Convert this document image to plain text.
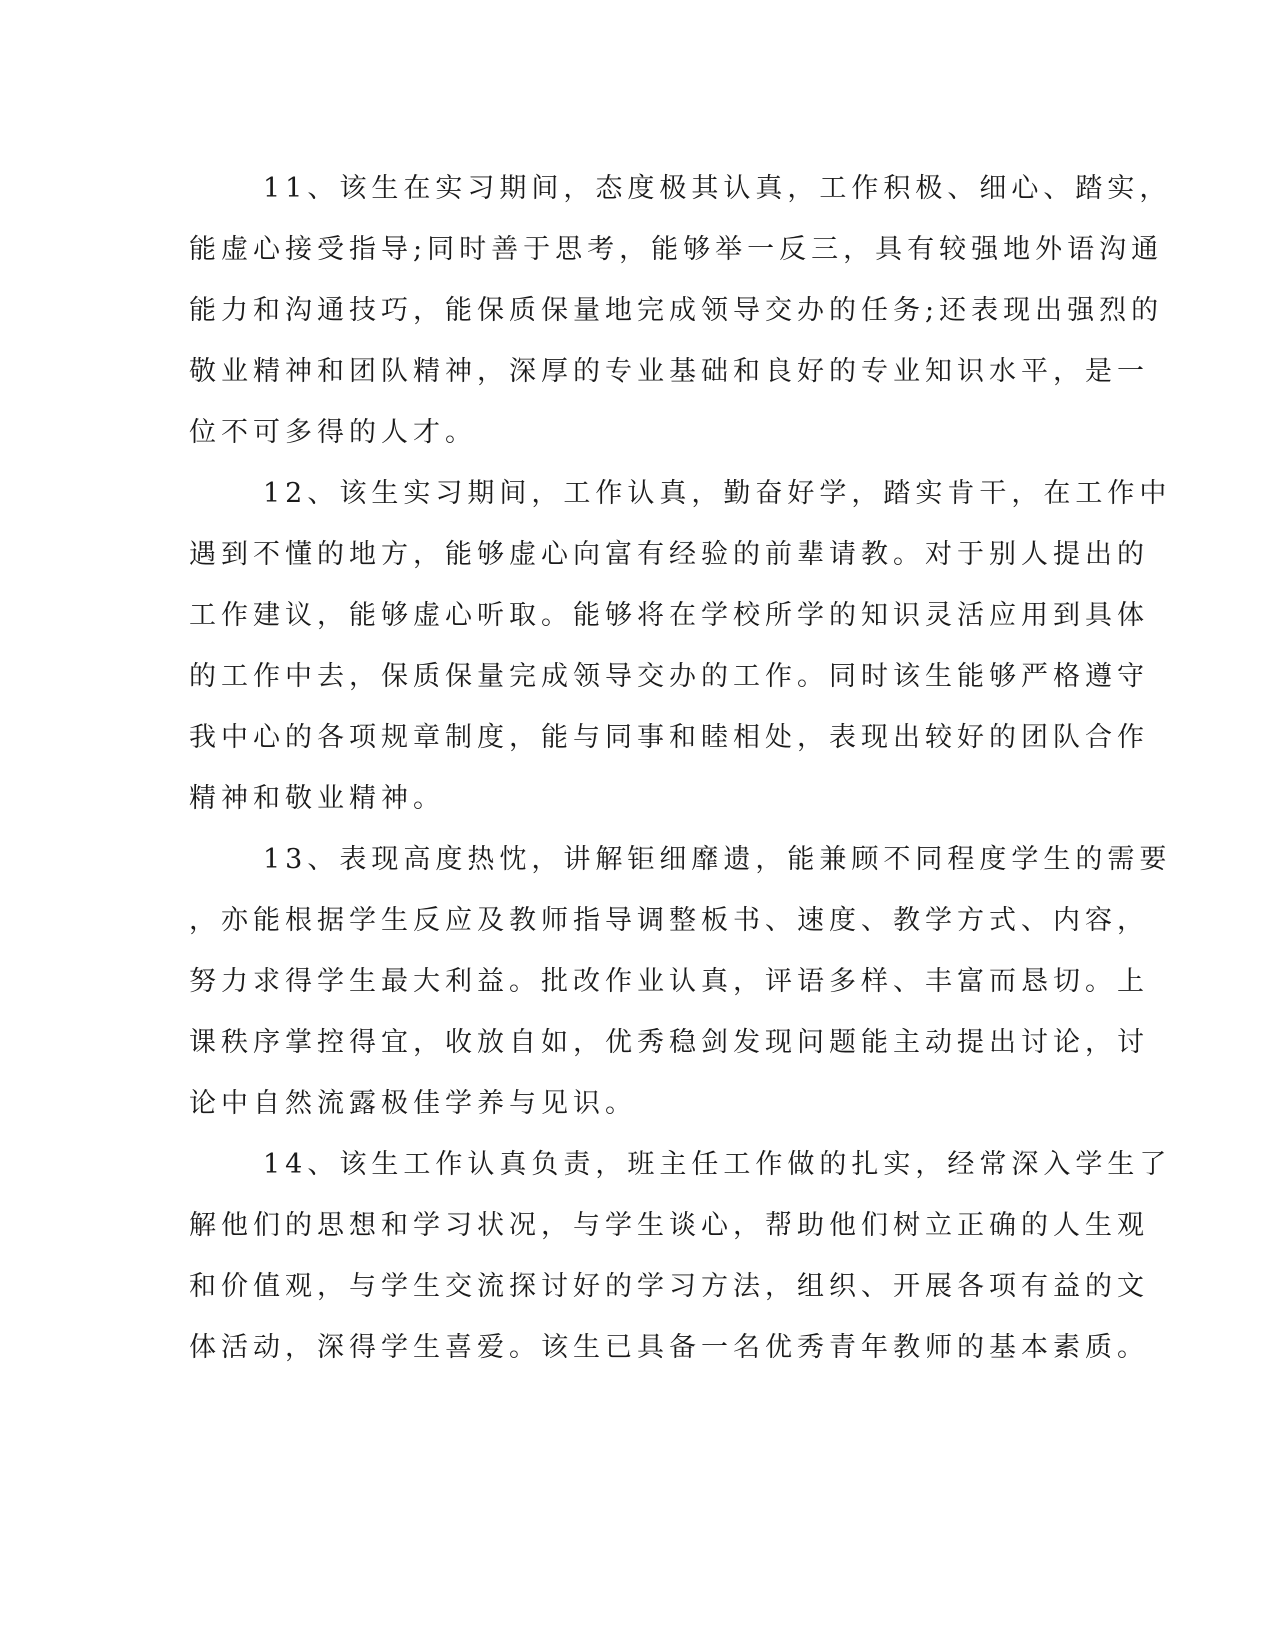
11、该生在实习期间，态度极其认真，工作积极、细心、踏实，
能虚心接受指导;同时善于思考，能够举一反三，具有较强地外语沟通
能力和沟通技巧，能保质保量地完成领导交办的任务;还表现出强烈的
敬业精神和团队精神，深厚的专业基础和良好的专业知识水平，是一
位不可多得的人才。
12、该生实习期间，工作认真，勤奋好学，踏实肯干，在工作中
遇到不懂的地方，能够虚心向富有经验的前辈请教。对于别人提出的
工作建议，能够虚心听取。能够将在学校所学的知识灵活应用到具体
的工作中去，保质保量完成领导交办的工作。同时该生能够严格遵守
我中心的各项规章制度，能与同事和睦相处，表现出较好的团队合作
精神和敬业精神。
13、表现高度热忱，讲解钜细靡遗，能兼顾不同程度学生的需要
，亦能根据学生反应及教师指导调整板书、速度、教学方式、内容，
努力求得学生最大利益。批改作业认真，评语多样、丰富而恳切。上
课秩序掌控得宜，收放自如，优秀稳剑发现问题能主动提出讨论，讨
论中自然流露极佳学养与见识。
14、该生工作认真负责，班主任工作做的扎实，经常深入学生了
解他们的思想和学习状况，与学生谈心，帮助他们树立正确的人生观
和价值观，与学生交流探讨好的学习方法，组织、开展各项有益的文
体活动，深得学生喜爱。该生已具备一名优秀青年教师的基本素质。
